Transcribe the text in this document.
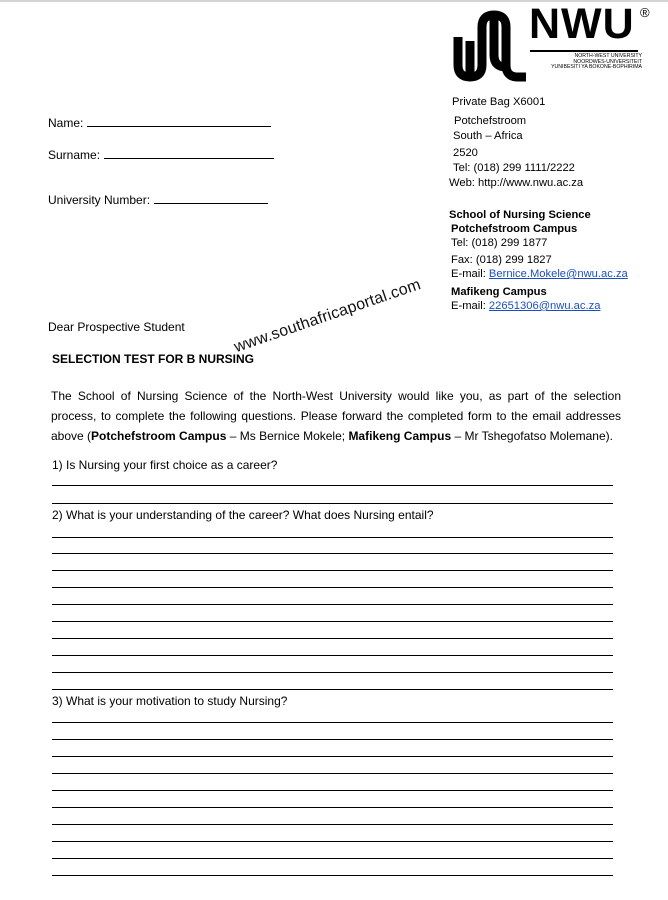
NWU ®
NORTH-WEST UNIVERSITY
NOORDWES-UNIVERSITEIT
YUNIBESITI YA BOKONE-BOPHIRIMA
Private Bag X6001
Potchefstroom
South – Africa
2520
Tel: (018) 299 1111/2222
Web: http://www.nwu.ac.za
School of Nursing Science
Potchefstroom Campus
Tel: (018) 299 1877
Fax: (018) 299 1827
E-mail: Bernice.Mokele@nwu.ac.za
Mafikeng Campus
E-mail: 22651306@nwu.ac.za
Name:
Surname:
University Number:
Dear Prospective Student
SELECTION TEST FOR B NURSING
www.southafricaportal.com
The School of Nursing Science of the North-West University would like you, as part of the selection process, to complete the following questions. Please forward the completed form to the email addresses above (Potchefstroom Campus – Ms Bernice Mokele; Mafikeng Campus – Mr Tshegofatso Molemane).
1) Is Nursing your first choice as a career?
2) What is your understanding of the career? What does Nursing entail?
3) What is your motivation to study Nursing?
